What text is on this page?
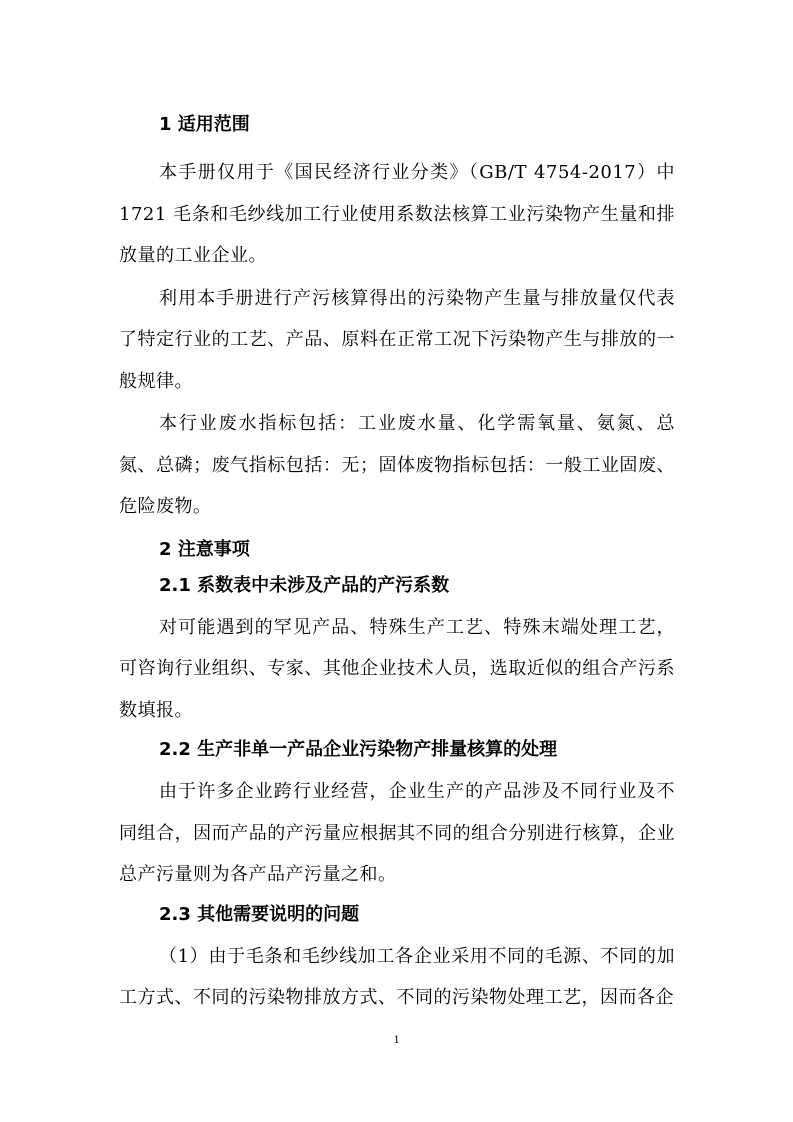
1 适用范围

本手册仅用于《国民经济行业分类》（GB/T 4754-2017）中 1721 毛条和毛纱线加工行业使用系数法核算工业污染物产生量和排放量的工业企业。

利用本手册进行产污核算得出的污染物产生量与排放量仅代表了特定行业的工艺、产品、原料在正常工况下污染物产生与排放的一般规律。

本行业废水指标包括：工业废水量、化学需氧量、氨氮、总氮、总磷；废气指标包括：无；固体废物指标包括：一般工业固废、危险废物。

2 注意事项
2.1 系数表中未涉及产品的产污系数

对可能遇到的罕见产品、特殊生产工艺、特殊末端处理工艺，可咨询行业组织、专家、其他企业技术人员，选取近似的组合产污系数填报。

2.2 生产非单一产品企业污染物产排量核算的处理

由于许多企业跨行业经营，企业生产的产品涉及不同行业及不同组合，因而产品的产污量应根据其不同的组合分别进行核算，企业总产污量则为各产品产污量之和。

2.3 其他需要说明的问题

（1）由于毛条和毛纱线加工各企业采用不同的毛源、不同的加工方式、不同的污染物排放方式、不同的污染物处理工艺，因而各企

1
